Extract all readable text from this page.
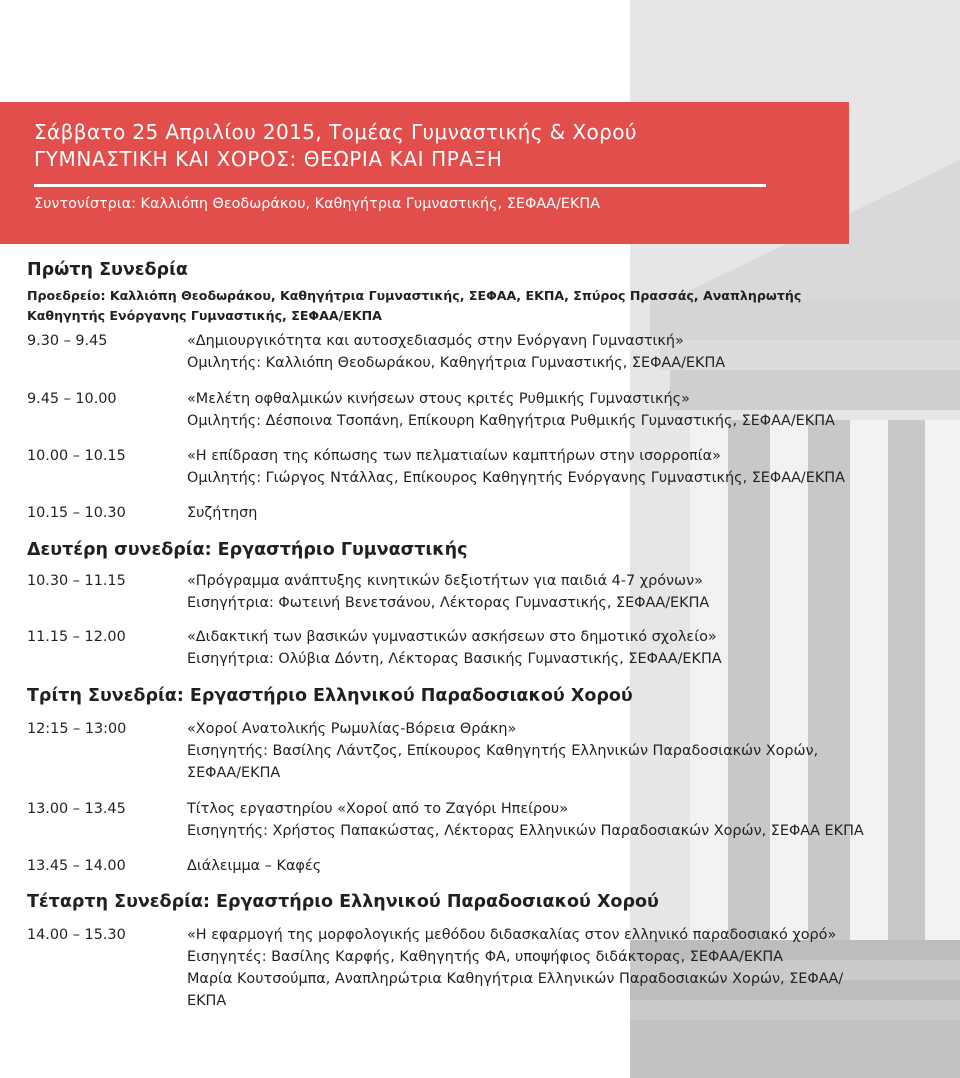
Σάββατο 25 Απριλίου 2015, Τομέας Γυμναστικής & Χορού
ΓΥΜΝΑΣΤΙΚΗ ΚΑΙ ΧΟΡΟΣ: ΘΕΩΡΙΑ ΚΑΙ ΠΡΑΞΗ
Συντονίστρια: Καλλιόπη Θεοδωράκου, Καθηγήτρια Γυμναστικής, ΣΕΦΑΑ/ΕΚΠΑ
Πρώτη Συνεδρία
Προεδρείο: Καλλιόπη Θεοδωράκου, Καθηγήτρια Γυμναστικής, ΣΕΦΑΑ, ΕΚΠΑ, Σπύρος Πρασσάς, Αναπληρωτής Καθηγητής Ενόργανης Γυμναστικής, ΣΕΦΑΑ/ΕΚΠΑ
9.30 – 9.45	«Δημιουργικότητα και αυτοσχεδιασμός στην Ενόργανη Γυμναστική»
Ομιλητής: Καλλιόπη Θεοδωράκου, Καθηγήτρια Γυμναστικής, ΣΕΦΑΑ/ΕΚΠΑ
9.45 – 10.00	«Μελέτη οφθαλμικών κινήσεων στους κριτές Ρυθμικής Γυμναστικής»
Ομιλητής: Δέσποινα Τσοπάνη, Επίκουρη Καθηγήτρια Ρυθμικής Γυμναστικής, ΣΕΦΑΑ/ΕΚΠΑ
10.00 – 10.15	«Η επίδραση της κόπωσης των πελματιαίων καμπτήρων στην ισορροπία»
Ομιλητής: Γιώργος Ντάλλας, Επίκουρος Καθηγητής Ενόργανης Γυμναστικής, ΣΕΦΑΑ/ΕΚΠΑ
10.15 – 10.30	Συζήτηση
Δευτέρη συνεδρία: Εργαστήριο Γυμναστικής
10.30 – 11.15	«Πρόγραμμα ανάπτυξης κινητικών δεξιοτήτων για παιδιά 4-7 χρόνων»
Εισηγήτρια: Φωτεινή Βενετσάνου, Λέκτορας Γυμναστικής, ΣΕΦΑΑ/ΕΚΠΑ
11.15 – 12.00	«Διδακτική των βασικών γυμναστικών ασκήσεων στο δημοτικό σχολείο»
Εισηγήτρια: Ολύβια Δόντη, Λέκτορας Βασικής Γυμναστικής, ΣΕΦΑΑ/ΕΚΠΑ
Τρίτη Συνεδρία: Εργαστήριο Ελληνικού Παραδοσιακού Χορού
12:15 – 13:00	«Χοροί Ανατολικής Ρωμυλίας-Βόρεια Θράκη»
Εισηγητής: Βασίλης Λάντζος, Επίκουρος Καθηγητής Ελληνικών Παραδοσιακών Χορών,
ΣΕΦΑΑ/ΕΚΠΑ
13.00 – 13.45	Τίτλος εργαστηρίου «Χοροί από το Ζαγόρι Ηπείρου»
Εισηγητής: Χρήστος Παπακώστας, Λέκτορας Ελληνικών Παραδοσιακών Χορών, ΣΕΦΑΑ ΕΚΠΑ
13.45 – 14.00	Διάλειμμα – Καφές
Τέταρτη Συνεδρία: Εργαστήριο Ελληνικού Παραδοσιακού Χορού
14.00 – 15.30	«Η εφαρμογή της μορφολογικής μεθόδου διδασκαλίας στον ελληνικό παραδοσιακό χορό»
Εισηγητές: Βασίλης Καρφής, Καθηγητής ΦΑ, υποψήφιος διδάκτορας, ΣΕΦΑΑ/ΕΚΠΑ
Μαρία Κουτσούμπα, Αναπληρώτρια Καθηγήτρια Ελληνικών Παραδοσιακών Χορών, ΣΕΦΑΑ/
ΕΚΠΑ
